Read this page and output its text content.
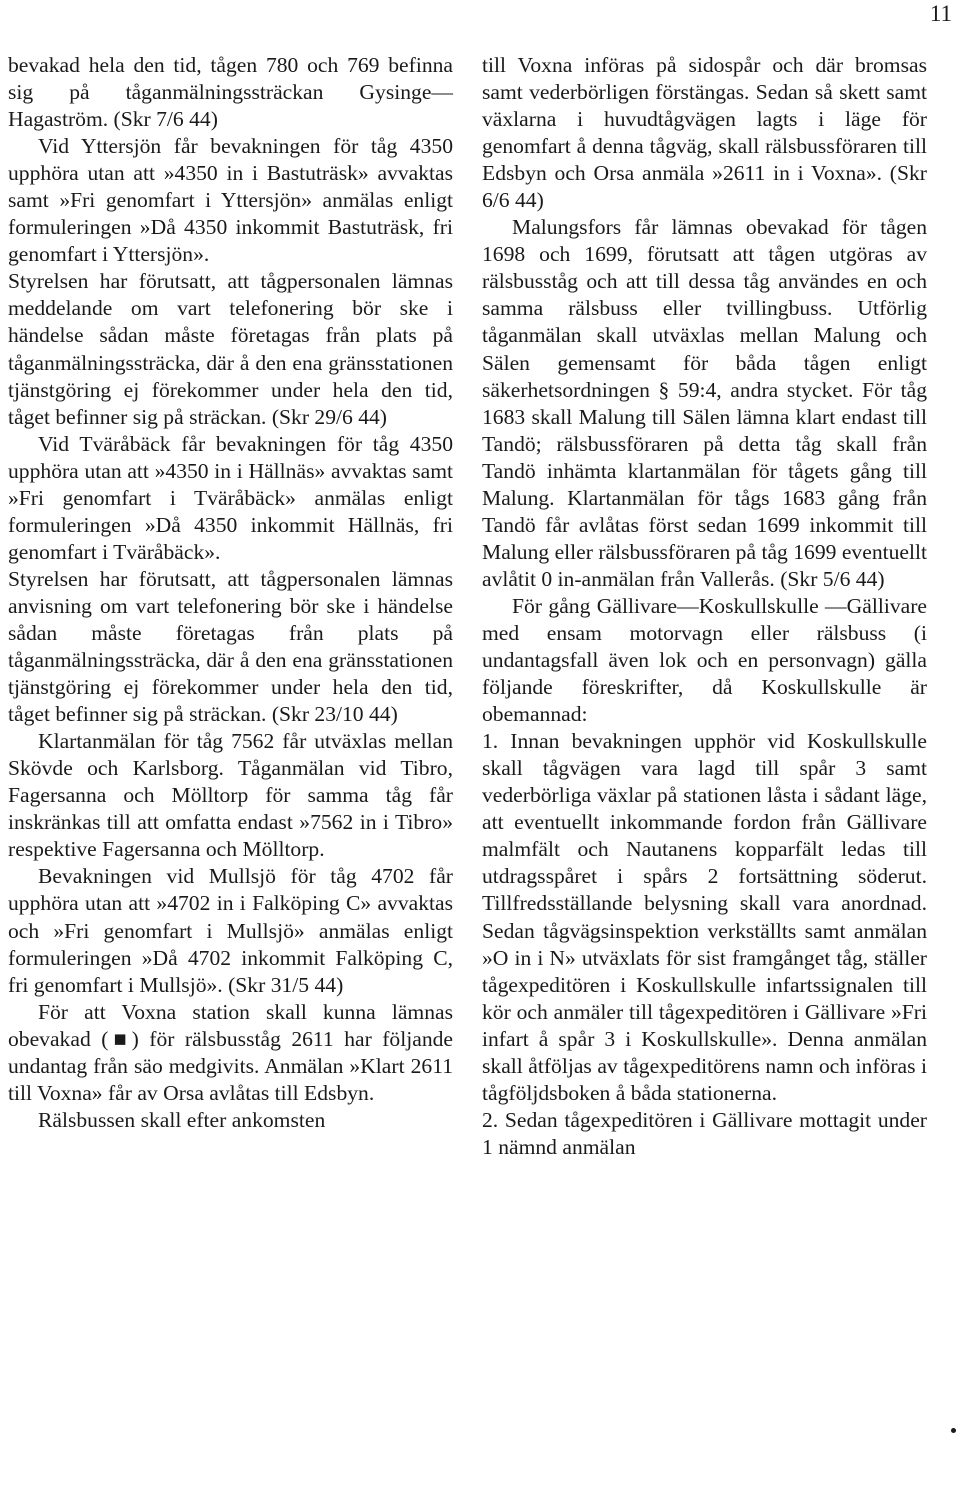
11

bevakad hela den tid, tågen 780 och 769 befinna sig på tåganmälningssträckan Gysinge—Hagaström. (Skr 7/6 44)

Vid Yttersjön får bevakningen för tåg 4350 upphöra utan att »4350 in i Bastuträsk» avvaktas samt »Fri genomfart i Yttersjön» anmälas enligt formuleringen »Då 4350 inkommit Bastuträsk, fri genomfart i Yttersjön».

Styrelsen har förutsatt, att tågpersonalen lämnas meddelande om vart telefonering bör ske i händelse sådan måste företagas från plats på tåganmälningssträcka, där å den ena gränsstationen tjänstgöring ej förekommer under hela den tid, tåget befinner sig på sträckan. (Skr 29/6 44)

Vid Tväråbäck får bevakningen för tåg 4350 upphöra utan att »4350 in i Hällnäs» avvaktas samt »Fri genomfart i Tväråbäck» anmälas enligt formuleringen »Då 4350 inkommit Hällnäs, fri genomfart i Tväråbäck».

Styrelsen har förutsatt, att tågpersonalen lämnas anvisning om vart telefonering bör ske i händelse sådan måste företagas från plats på tåganmälningssträcka, där å den ena gränsstationen tjänstgöring ej förekommer under hela den tid, tåget befinner sig på sträckan. (Skr 23/10 44)

Klartanmälan för tåg 7562 får utväxlas mellan Skövde och Karlsborg. Tåganmälan vid Tibro, Fagersanna och Mölltorp för samma tåg får inskränkas till att omfatta endast »7562 in i Tibro» respektive Fagersanna och Mölltorp.

Bevakningen vid Mullsjö för tåg 4702 får upphöra utan att »4702 in i Falköping C» avvaktas och »Fri genomfart i Mullsjö» anmälas enligt formuleringen »Då 4702 inkommit Falköping C, fri genomfart i Mullsjö». (Skr 31/5 44)

För att Voxna station skall kunna lämnas obevakad (■) för rälsbusståg 2611 har följande undantag från säo medgivits. Anmälan »Klart 2611 till Voxna» får av Orsa avlåtas till Edsbyn.

Rälsbussen skall efter ankomsten

till Voxna införas på sidospår och där bromsas samt vederbörligen förstängas. Sedan så skett samt växlarna i huvudtågvägen lagts i läge för genomfart å denna tågväg, skall rälsbussföraren till Edsbyn och Orsa anmäla »2611 in i Voxna». (Skr 6/6 44)

Malungsfors får lämnas obevakad för tågen 1698 och 1699, förutsatt att tågen utgöras av rälsbusståg och att till dessa tåg användes en och samma rälsbuss eller tvillingbuss. Utförlig tåganmälan skall utväxlas mellan Malung och Sälen gemensamt för båda tågen enligt säkerhetsordningen § 59:4, andra stycket. För tåg 1683 skall Malung till Sälen lämna klart endast till Tandö; rälsbussföraren på detta tåg skall från Tandö inhämta klartanmälan för tågets gång till Malung. Klartanmälan för tågs 1683 gång från Tandö får avlåtas först sedan 1699 inkommit till Malung eller rälsbussföraren på tåg 1699 eventuellt avlåtit 0 in-anmälan från Vallerås. (Skr 5/6 44)

För gång Gällivare—Koskullskulle —Gällivare med ensam motorvagn eller rälsbuss (i undantagsfall även lok och en personvagn) gälla följande föreskrifter, då Koskullskulle är obemannad:

1. Innan bevakningen upphör vid Koskullskulle skall tågvägen vara lagd till spår 3 samt vederbörliga växlar på stationen låsta i sådant läge, att eventuellt inkommande fordon från Gällivare malmfält och Nautanens kopparfält ledas till utdragsspåret i spårs 2 fortsättning söderut. Tillfredsställande belysning skall vara anordnad. Sedan tågvägsinspektion verkställts samt anmälan »O in i N» utväxlats för sist framgånget tåg, ställer tågexpeditören i Koskullskulle infartssignalen till kör och anmäler till tågexpeditören i Gällivare »Fri infart å spår 3 i Koskullskulle». Denna anmälan skall åtföljas av tågexpeditörens namn och införas i tågföljdsboken å båda stationerna.

2. Sedan tågexpeditören i Gällivare mottagit under 1 nämnd anmälan
